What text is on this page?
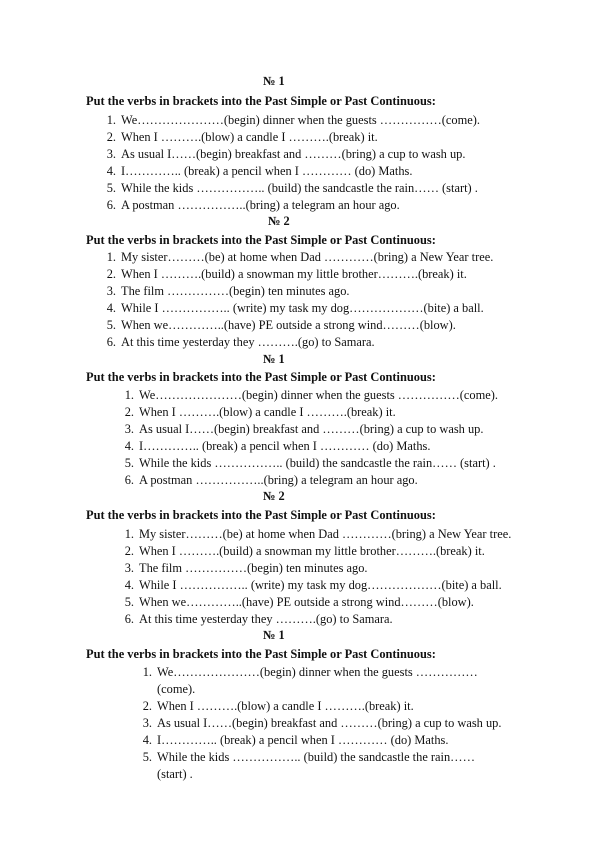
№ 1
Put the verbs in brackets into the Past Simple or Past Continuous:
1. We…………………(begin) dinner when the guests ……………(come).
2. When I ……….(blow) a candle I ……….(break) it.
3. As usual I……(begin) breakfast and ………(bring) a cup to wash up.
4. I………….. (break) a pencil when I ………… (do) Maths.
5. While the kids …………….. (build) the sandcastle the rain…… (start) .
6. A postman ……………..(bring) a telegram an hour ago.
№ 2
Put the verbs in brackets into the Past Simple or Past Continuous:
1. My sister………(be) at home when Dad …………(bring) a New Year tree.
2. When I ……….(build) a snowman my little brother……….(break) it.
3. The film ……………(begin) ten minutes ago.
4. While I …………….. (write) my task my dog………………(bite) a ball.
5. When we…………..(have) PE outside a strong wind………(blow).
6. At this time yesterday they ……….(go) to Samara.
№ 1
Put the verbs in brackets into the Past Simple or Past Continuous:
1. We…………………(begin) dinner when the guests ……………(come).
2. When I ……….(blow) a candle I ……….(break) it.
3. As usual I……(begin) breakfast and ………(bring) a cup to wash up.
4. I………….. (break) a pencil when I ………… (do) Maths.
5. While the kids …………….. (build) the sandcastle the rain…… (start) .
6. A postman ……………..(bring) a telegram an hour ago.
№ 2
Put the verbs in brackets into the Past Simple or Past Continuous:
1. My sister………(be) at home when Dad …………(bring) a New Year tree.
2. When I ……….(build) a snowman my little brother……….(break) it.
3. The film ……………(begin) ten minutes ago.
4. While I …………….. (write) my task my dog………………(bite) a ball.
5. When we…………..(have) PE outside a strong wind………(blow).
6. At this time yesterday they ……….(go) to Samara.
№ 1
Put the verbs in brackets into the Past Simple or Past Continuous:
1. We…………………(begin) dinner when the guests ……………
(come).
2. When I ……….(blow) a candle I ……….(break) it.
3. As usual I……(begin) breakfast and ………(bring) a cup to wash up.
4. I………….. (break) a pencil when I ………… (do) Maths.
5. While the kids …………….. (build) the sandcastle the rain……
(start) .
